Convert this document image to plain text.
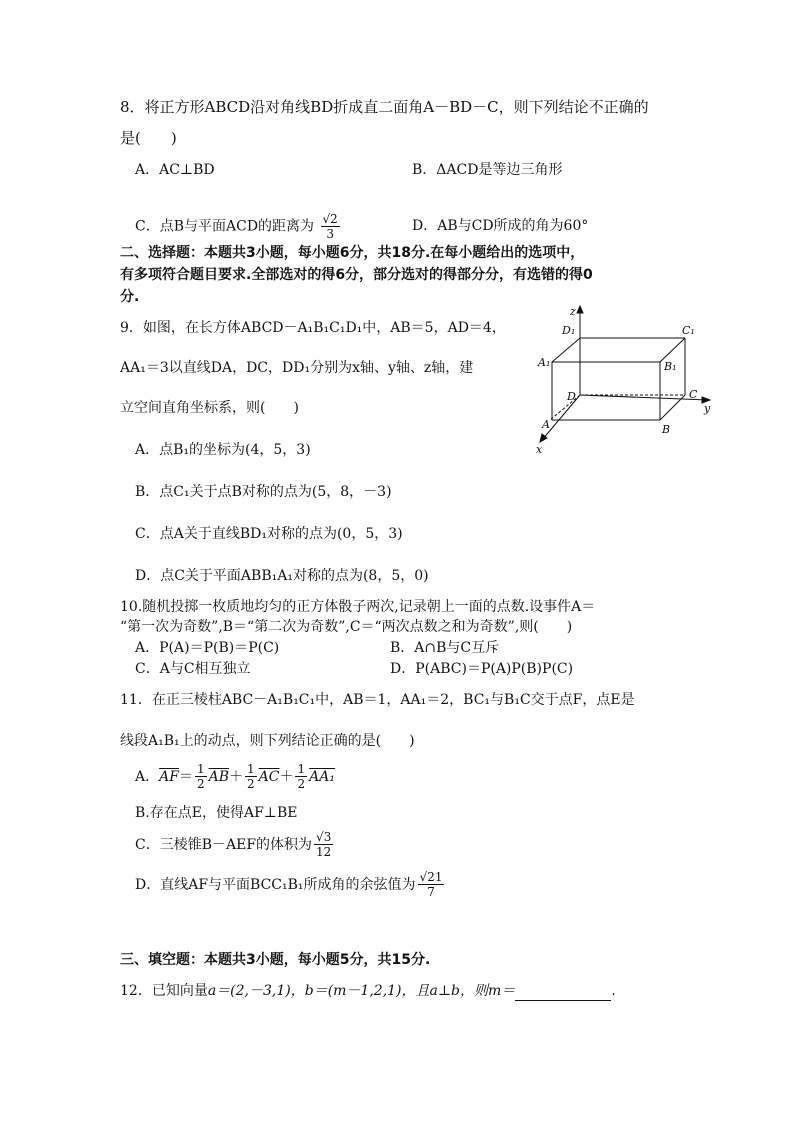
8．将正方形ABCD沿对角线BD折成直二面角A－BD－C，则下列结论不正确的
是(　　)
A．AC⊥BD	B．ΔACD是等边三角形
C．点B与平面ACD的距离为 $\frac{√2}{3}$	D．AB与CD所成的角为60°
二、选择题：本题共3小题，每小题6分，共18分.在每小题给出的选项中，
有多项符合题目要求.全部选对的得6分，部分选对的得部分分，有选错的得0
分.
9．如图，在长方体ABCD－A₁B₁C₁D₁中，AB＝5，AD＝4，
AA₁＝3以直线DA，DC，DD₁分别为x轴、y轴、z轴，建
立空间直角坐标系，则(　　)
A．点B₁的坐标为(4，5，3)
B．点C₁关于点B对称的点为(5，8，－3)
C．点A关于直线BD₁对称的点为(0，5，3)
D．点C关于平面ABB₁A₁对称的点为(8，5，0)
z
y
x
D₁	C₁
A₁	B₁
D	C
A	B
10.随机投掷一枚质地均匀的正方体骰子两次,记录朝上一面的点数.设事件A＝
“第一次为奇数”,B＝“第二次为奇数”,C＝“两次点数之和为奇数”,则(　　)
A．P(A)＝P(B)＝P(C)	B．A∩B与C互斥
C．A与C相互独立	D．P(ABC)＝P(A)P(B)P(C)
11．在正三棱柱ABC－A₁B₁C₁中，AB＝1，AA₁＝2，BC₁与B₁C交于点F，点E是
线段A₁B₁上的动点，则下列结论正确的是(　　)
A． $\overline{AF} = \frac{1}{2} \overline{AB} + \frac{1}{2} \overline{AC} + \frac{1}{2} AA_1$
B.存在点E，使得AF⊥BE
C．三棱锥B－AEF的体积为 $\frac{√3}{12}$
D．直线AF与平面BCC₁B₁所成角的余弦值为 $\frac{√21}{7}$
三、填空题：本题共3小题，每小题5分，共15分.
12．已知向量a＝(2,－3,1)，b＝(m－1,2,1)，且a⊥b，则m＝	.
